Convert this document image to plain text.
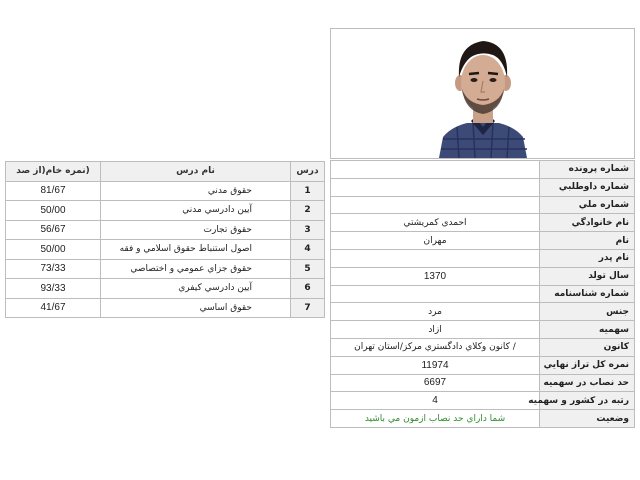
درس	نام درس	(نمره خام(از صد
1	حقوق مدني	81/67
2	آيين دادرسي مدني	50/00
3	حقوق تجارت	56/67
4	اصول استنباط حقوق اسلامي و فقه	50/00
5	حقوق جزاي عمومي و اختصاصي	73/33
6	آيين دادرسي کيفري	93/33
7	حقوق اساسي	41/67
شماره پرونده	
شماره داوطلبي	
شماره ملي	
نام خانوادگي	احمدي کمريشتي
نام	مهران
نام پدر	
سال تولد	1370
شماره شناسنامه	
جنس	مرد
سهميه	ازاد
کانون	/ کانون وکلاي دادگستري مرکز/استان تهران
نمره کل تراز نهايي	11974
حد نصاب در سهميه	6697
رتبه در کشور و سهميه	4
وضعيت	شما داراي حد نصاب ازمون مي باشيد
